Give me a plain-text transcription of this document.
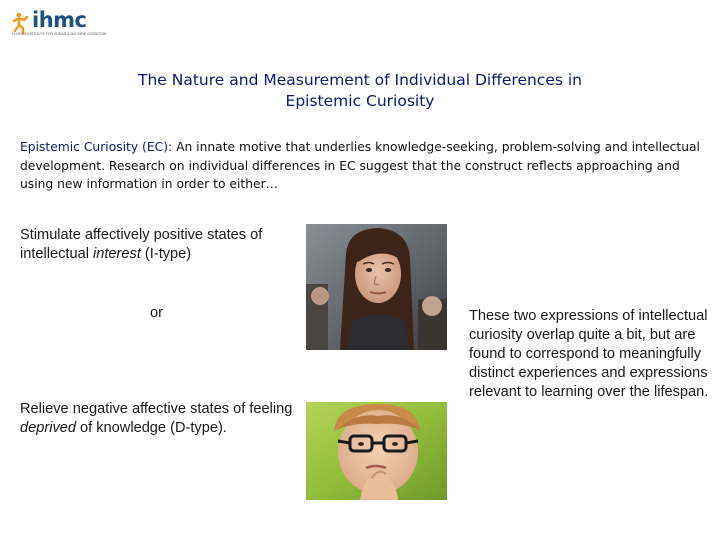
ihmc
FLORIDA INSTITUTE FOR HUMAN & MACHINE COGNITION
The Nature and Measurement of Individual Differences in
Epistemic Curiosity
Epistemic Curiosity (EC): An innate motive that underlies knowledge-seeking, problem-solving and intellectual development. Research on individual differences in EC suggest that the construct reflects approaching and using new information in order to either…
Stimulate affectively positive states of intellectual interest (I-type)
or
Relieve negative affective states of feeling deprived of knowledge (D-type).
These two expressions of intellectual curiosity overlap quite a bit, but are found to correspond to meaningfully distinct experiences and expressions relevant to learning over the lifespan.
